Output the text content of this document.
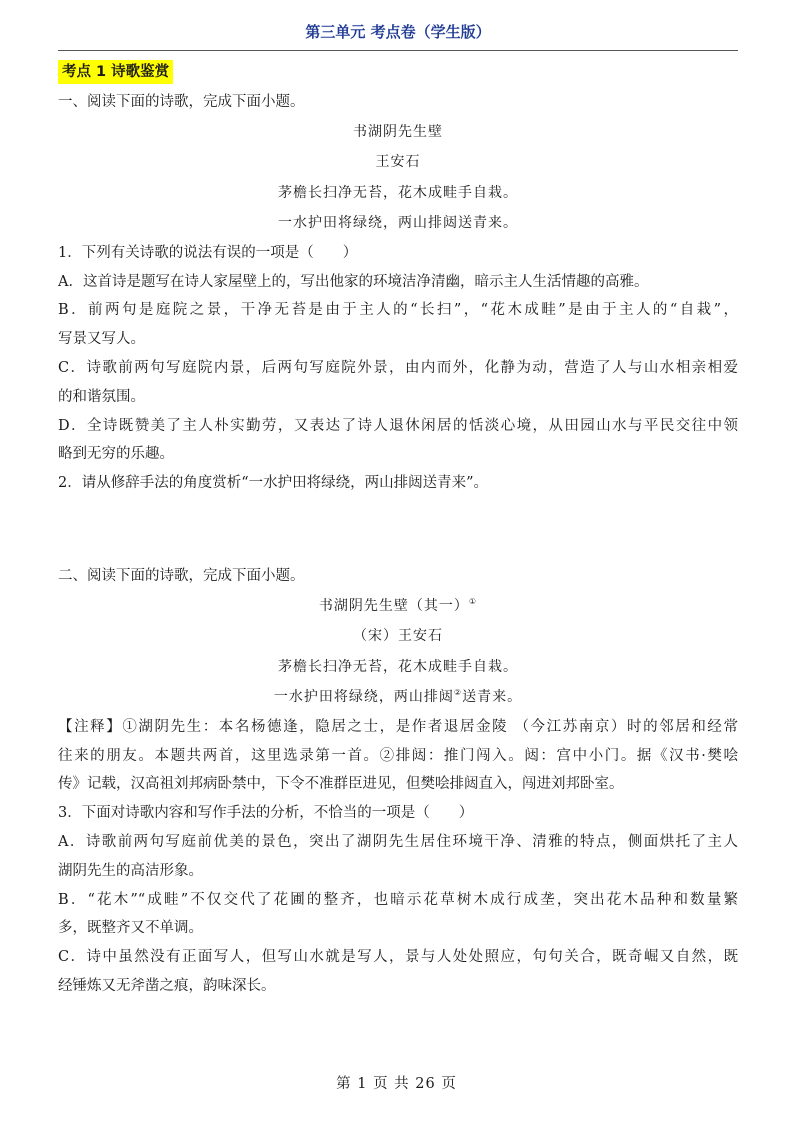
第三单元 考点卷（学生版）
考点 1 诗歌鉴赏
一、阅读下面的诗歌，完成下面小题。
书湖阴先生壁
王安石
茅檐长扫净无苔，花木成畦手自栽。
一水护田将绿绕，两山排闼送青来。
1．下列有关诗歌的说法有误的一项是（　　）
A．这首诗是题写在诗人家屋壁上的，写出他家的环境洁净清幽，暗示主人生活情趣的高雅。
B．前两句是庭院之景，干净无苔是由于主人的“长扫”，“花木成畦”是由于主人的“自栽”，
写景又写人。
C．诗歌前两句写庭院内景，后两句写庭院外景，由内而外，化静为动，营造了人与山水相亲相爱
的和谐氛围。
D．全诗既赞美了主人朴实勤劳，又表达了诗人退休闲居的恬淡心境，从田园山水与平民交往中领
略到无穷的乐趣。
2．请从修辞手法的角度赏析“一水护田将绿绕，两山排闼送青来”。
二、阅读下面的诗歌，完成下面小题。
书湖阴先生壁（其一）①
（宋）王安石
茅檐长扫净无苔，花木成畦手自栽。
一水护田将绿绕，两山排闼②送青来。
【注释】①湖阴先生：本名杨德逢，隐居之士，是作者退居金陵 （今江苏南京）时的邻居和经常
往来的朋友。本题共两首，这里选录第一首。②排闼：推门闯入。闼：宫中小门。据《汉书·樊哙
传》记载，汉高祖刘邦病卧禁中，下令不准群臣进见，但樊哙排闼直入，闯进刘邦卧室。
3．下面对诗歌内容和写作手法的分析，不恰当的一项是（　　）
A．诗歌前两句写庭前优美的景色，突出了湖阴先生居住环境干净、清雅的特点，侧面烘托了主人
湖阴先生的高洁形象。
B．“花木”“成畦”不仅交代了花圃的整齐，也暗示花草树木成行成垄，突出花木品种和数量繁
多，既整齐又不单调。
C．诗中虽然没有正面写人，但写山水就是写人，景与人处处照应，句句关合，既奇崛又自然，既
经锤炼又无斧凿之痕，韵味深长。
第 1 页 共 26 页
